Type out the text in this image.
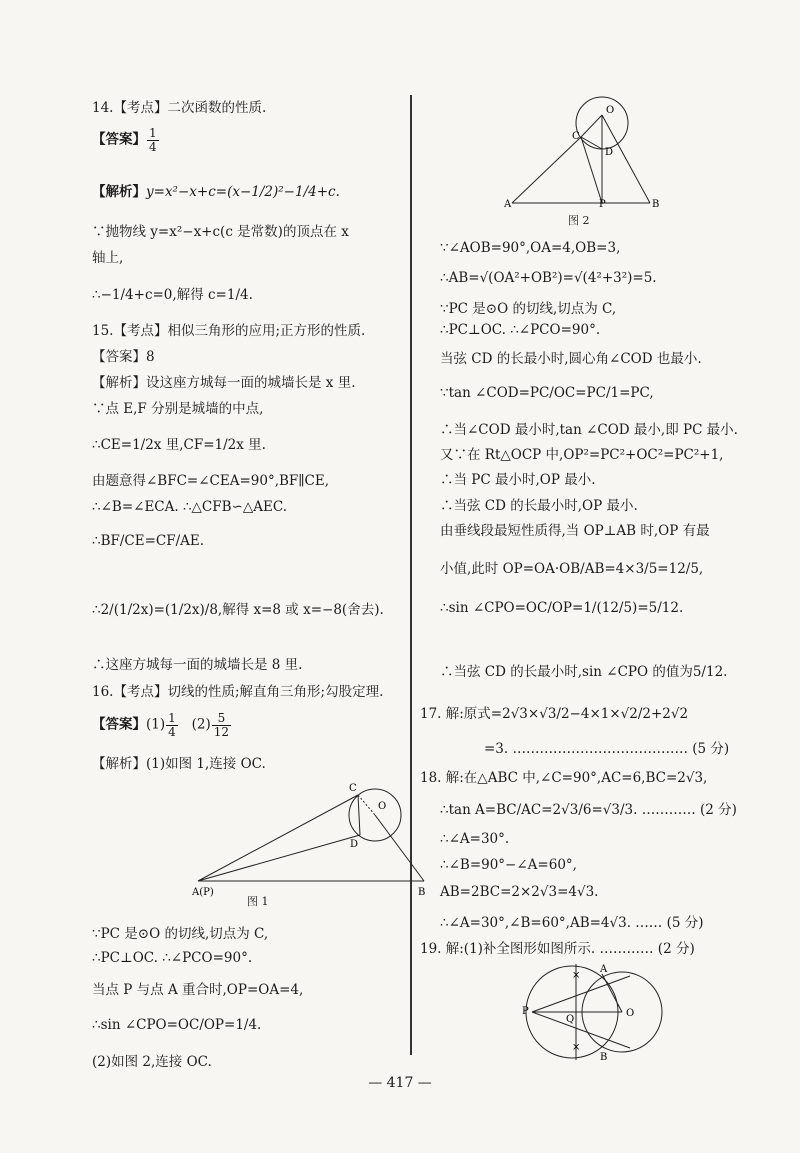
14.【考点】二次函数的性质.
【答案】 $\frac{1}{4}$
【解析】y=x²−x+c=(x−1/2)²−1/4+c.
∵抛物线 y=x²−x+c(c 是常数)的顶点在 x
轴上,
∴−1/4+c=0,解得 c=1/4.
15.【考点】相似三角形的应用;正方形的性质.
【答案】8
【解析】设这座方城每一面的城墙长是 x 里.
∵点 E,F 分别是城墙的中点,
∴CE=1/2x 里,CF=1/2x 里.
由题意得∠BFC=∠CEA=90°,BF∥CE,
∴∠B=∠ECA. ∴△CFB∽△AEC.
∴BF/CE=CF/AE.
∴2/(1/2x)=(1/2x)/8,解得 x=8 或 x=−8(舍去).
∴这座方城每一面的城墙长是 8 里.
16.【考点】切线的性质;解直角三角形;勾股定理.
【答案】$(1) \frac{1}{4} (2) \frac{5}{12}$
【解析】(1)如图 1,连接 OC.
C
O
D
A(P)	B
图 1
∵PC 是⊙O 的切线,切点为 C,
∴PC⊥OC. ∴∠PCO=90°.
当点 P 与点 A 重合时,OP=OA=4,
∴sin ∠CPO=OC/OP=1/4.
(2)如图 2,连接 OC.
O
C
D
A	P	B
图 2
∵∠AOB=90°,OA=4,OB=3,
∴AB=√(OA²+OB²)=√(4²+3²)=5.
∵PC 是⊙O 的切线,切点为 C,
∴PC⊥OC. ∴∠PCO=90°.
当弦 CD 的长最小时,圆心角∠COD 也最小.
∵tan ∠COD=PC/OC=PC/1=PC,
∴当∠COD 最小时,tan ∠COD 最小,即 PC 最小.
又∵在 Rt△OCP 中,OP²=PC²+OC²=PC²+1,
∴当 PC 最小时,OP 最小.
∴当弦 CD 的长最小时,OP 最小.
由垂线段最短性质得,当 OP⊥AB 时,OP 有最
小值,此时 OP=OA·OB/AB=4×3/5=12/5,
∴sin ∠CPO=OC/OP=1/(12/5)=5/12.
∴当弦 CD 的长最小时,sin ∠CPO 的值为5/12.
17. 解:原式=2√3×√3/2−4×1×√2/2+2√2
=3. ………………………………… (5 分)
18. 解:在△ABC 中,∠C=90°,AC=6,BC=2√3,
∴tan A=BC/AC=2√3/6=√3/3. ………… (2 分)
∴∠A=30°.
∴∠B=90°−∠A=60°,
AB=2BC=2×2√3=4√3.
∴∠A=30°,∠B=60°,AB=4√3. …… (5 分)
19. 解:(1)补全图形如图所示. ………… (2 分)
×
×
A
P
Q
O
B
— 417 —
